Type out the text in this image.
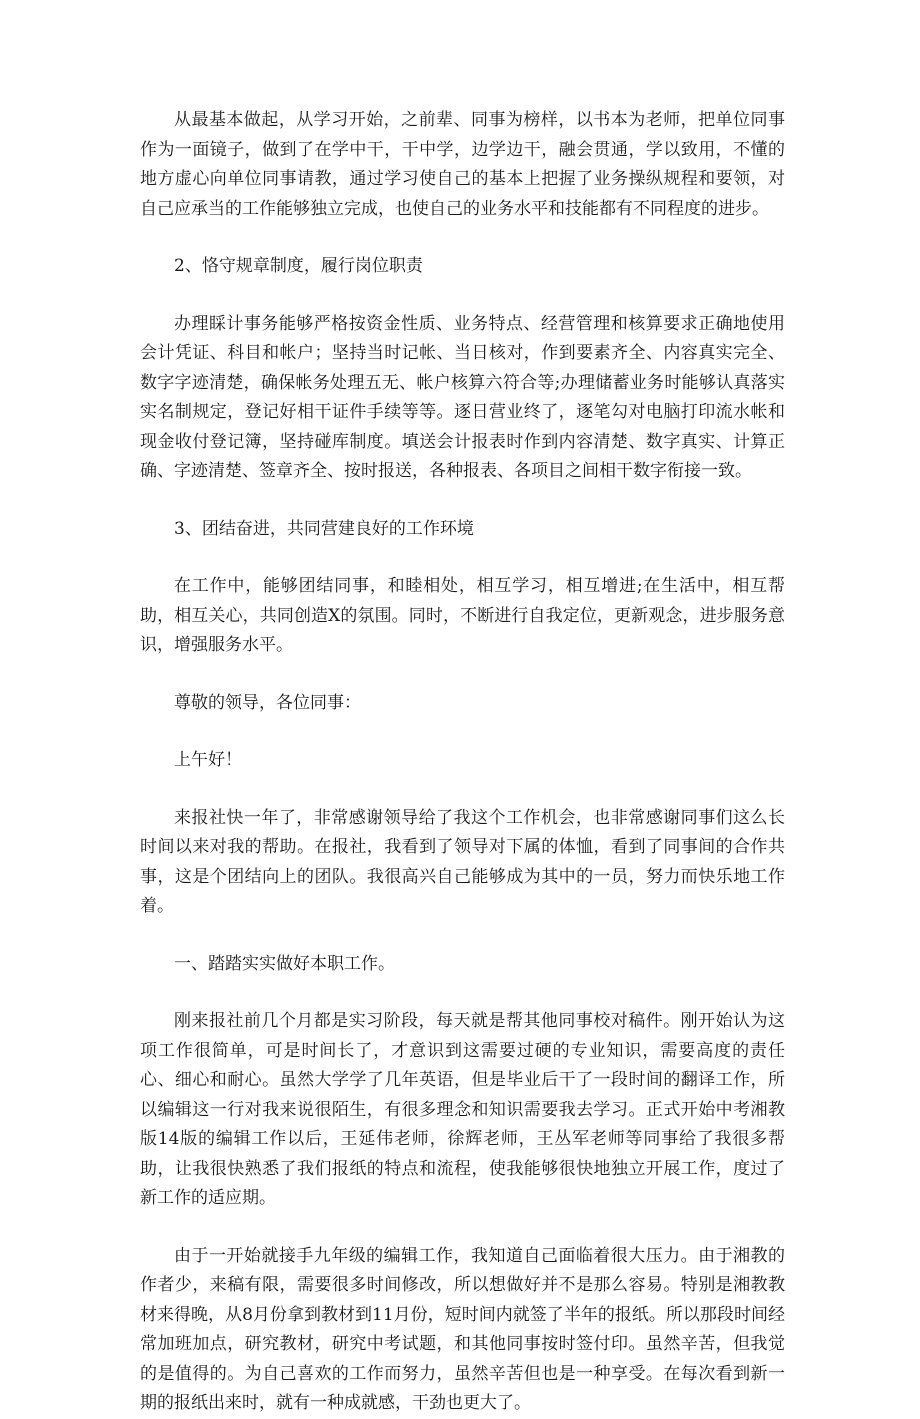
从最基本做起，从学习开始，之前辈、同事为榜样，以书本为老师，把单位同事作为一面镜子，做到了在学中干，干中学，边学边干，融会贯通，学以致用，不懂的地方虚心向单位同事请教，通过学习使自己的基本上把握了业务操纵规程和要领，对自己应承当的工作能够独立完成，也使自己的业务水平和技能都有不同程度的进步。

2、恪守规章制度，履行岗位职责

办理睬计事务能够严格按资金性质、业务特点、经营管理和核算要求正确地使用会计凭证、科目和帐户；坚持当时记帐、当日核对，作到要素齐全、内容真实完全、数字字迹清楚，确保帐务处理五无、帐户核算六符合等;办理储蓄业务时能够认真落实实名制规定，登记好相干证件手续等等。逐日营业终了，逐笔勾对电脑打印流水帐和现金收付登记簿，坚持碰库制度。填送会计报表时作到内容清楚、数字真实、计算正确、字迹清楚、签章齐全、按时报送，各种报表、各项目之间相干数字衔接一致。

3、团结奋进，共同营建良好的工作环境

在工作中，能够团结同事，和睦相处，相互学习，相互增进;在生活中，相互帮助，相互关心，共同创造X的氛围。同时，不断进行自我定位，更新观念，进步服务意识，增强服务水平。

尊敬的领导，各位同事：

上午好！

来报社快一年了，非常感谢领导给了我这个工作机会，也非常感谢同事们这么长时间以来对我的帮助。在报社，我看到了领导对下属的体恤，看到了同事间的合作共事，这是个团结向上的团队。我很高兴自己能够成为其中的一员，努力而快乐地工作着。

一、踏踏实实做好本职工作。

刚来报社前几个月都是实习阶段，每天就是帮其他同事校对稿件。刚开始认为这项工作很简单，可是时间长了，才意识到这需要过硬的专业知识，需要高度的责任心、细心和耐心。虽然大学学了几年英语，但是毕业后干了一段时间的翻译工作，所以编辑这一行对我来说很陌生，有很多理念和知识需要我去学习。正式开始中考湘教版14版的编辑工作以后，王延伟老师，徐辉老师，王丛军老师等同事给了我很多帮助，让我很快熟悉了我们报纸的特点和流程，使我能够很快地独立开展工作，度过了新工作的适应期。

由于一开始就接手九年级的编辑工作，我知道自己面临着很大压力。由于湘教的作者少，来稿有限，需要很多时间修改，所以想做好并不是那么容易。特别是湘教教材来得晚，从8月份拿到教材到11月份，短时间内就签了半年的报纸。所以那段时间经常加班加点，研究教材，研究中考试题，和其他同事按时签付印。虽然辛苦，但我觉的是值得的。为自己喜欢的工作而努力，虽然辛苦但也是一种享受。在每次看到新一期的报纸出来时，就有一种成就感，干劲也更大了。
